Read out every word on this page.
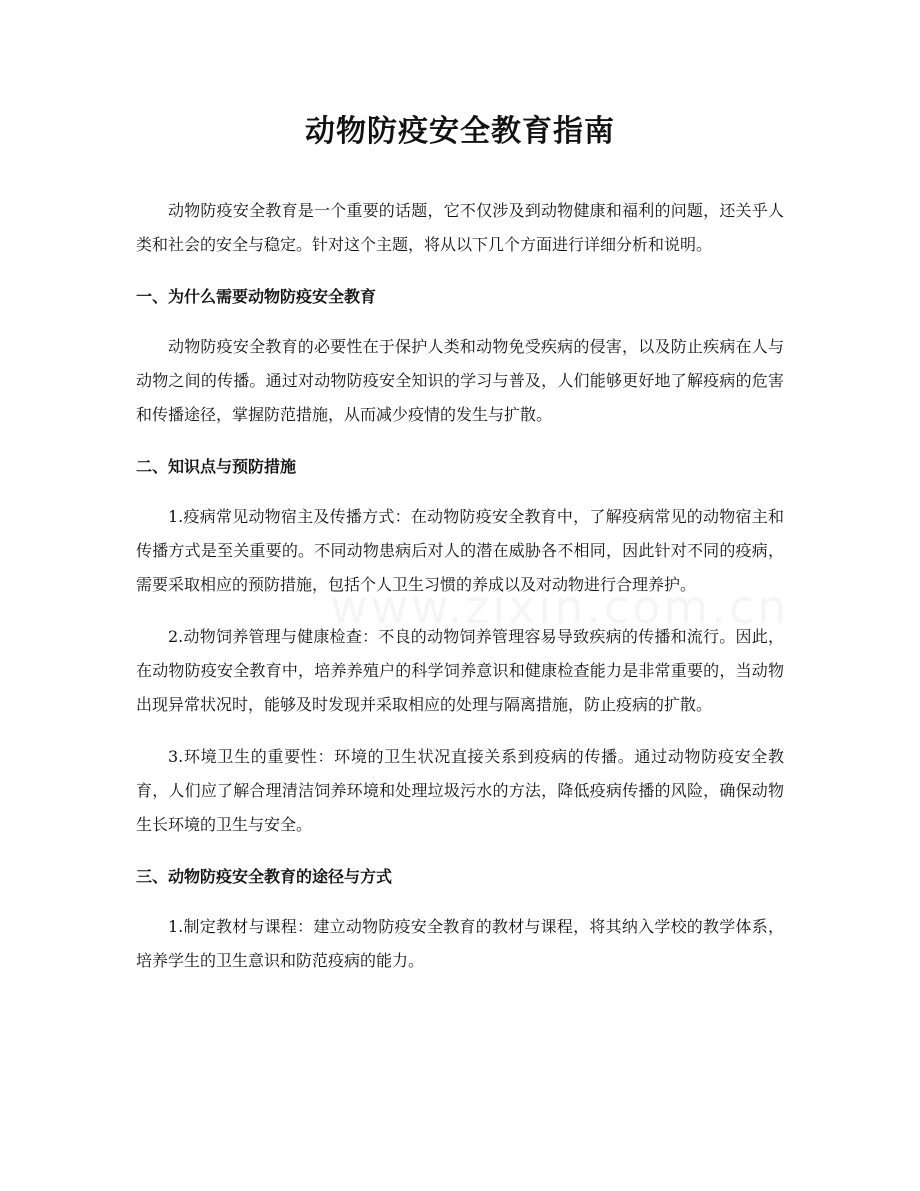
动物防疫安全教育指南

动物防疫安全教育是一个重要的话题，它不仅涉及到动物健康和福利的问题，还关乎人类和社会的安全与稳定。针对这个主题，将从以下几个方面进行详细分析和说明。

一、为什么需要动物防疫安全教育

动物防疫安全教育的必要性在于保护人类和动物免受疾病的侵害，以及防止疾病在人与动物之间的传播。通过对动物防疫安全知识的学习与普及，人们能够更好地了解疫病的危害和传播途径，掌握防范措施，从而减少疫情的发生与扩散。

二、知识点与预防措施

1.疫病常见动物宿主及传播方式：在动物防疫安全教育中，了解疫病常见的动物宿主和传播方式是至关重要的。不同动物患病后对人的潜在威胁各不相同，因此针对不同的疫病，需要采取相应的预防措施，包括个人卫生习惯的养成以及对动物进行合理养护。

2.动物饲养管理与健康检查：不良的动物饲养管理容易导致疾病的传播和流行。因此，在动物防疫安全教育中，培养养殖户的科学饲养意识和健康检查能力是非常重要的，当动物出现异常状况时，能够及时发现并采取相应的处理与隔离措施，防止疫病的扩散。

3.环境卫生的重要性：环境的卫生状况直接关系到疫病的传播。通过动物防疫安全教育，人们应了解合理清洁饲养环境和处理垃圾污水的方法，降低疫病传播的风险，确保动物生长环境的卫生与安全。

三、动物防疫安全教育的途径与方式

1.制定教材与课程：建立动物防疫安全教育的教材与课程，将其纳入学校的教学体系，培养学生的卫生意识和防范疫病的能力。
